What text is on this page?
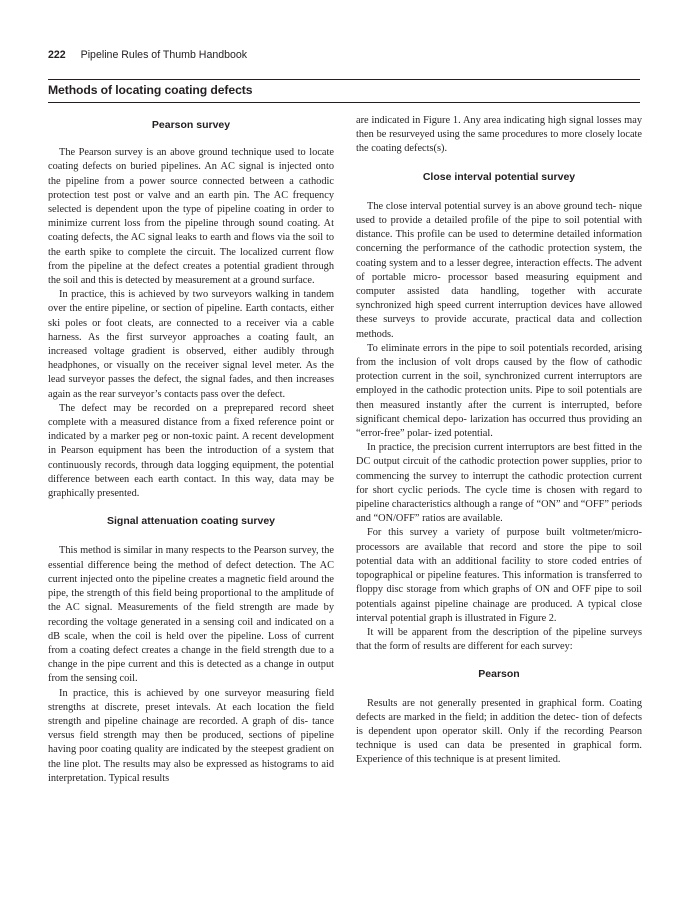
222 Pipeline Rules of Thumb Handbook
Methods of locating coating defects
Pearson survey

The Pearson survey is an above ground technique used to locate coating defects on buried pipelines. An AC signal is injected onto the pipeline from a power source connected between a cathodic protection test post or valve and an earth pin. The AC frequency selected is dependent upon the type of pipeline coating in order to minimize current loss from the pipeline through sound coating. At coating defects, the AC signal leaks to earth and flows via the soil to the earth spike to complete the circuit. The localized current flow from the pipeline at the defect creates a potential gradient through the soil and this is detected by measurement at a ground surface.

In practice, this is achieved by two surveyors walking in tandem over the entire pipeline, or section of pipeline. Earth contacts, either ski poles or foot cleats, are connected to a receiver via a cable harness. As the first surveyor approaches a coating fault, an increased voltage gradient is observed, either audibly through headphones, or visually on the receiver signal level meter. As the lead surveyor passes the defect, the signal fades, and then increases again as the rear surveyor’s contacts pass over the defect.

The defect may be recorded on a preprepared record sheet complete with a measured distance from a fixed reference point or indicated by a marker peg or non-toxic paint. A recent development in Pearson equipment has been the introduction of a system that continuously records, through data logging equipment, the potential difference between each earth contact. In this way, data may be graphically presented.

Signal attenuation coating survey

This method is similar in many respects to the Pearson survey, the essential difference being the method of defect detection. The AC current injected onto the pipeline creates a magnetic field around the pipe, the strength of this field being proportional to the amplitude of the AC signal. Measurements of the field strength are made by recording the voltage generated in a sensing coil and indicated on a dB scale, when the coil is held over the pipeline. Loss of current from a coating defect creates a change in the field strength due to a change in the pipe current and this is detected as a change in output from the sensing coil.

In practice, this is achieved by one surveyor measuring field strengths at discrete, preset intevals. At each location the field strength and pipeline chainage are recorded. A graph of dis- tance versus field strength may then be produced, sections of pipeline having poor coating quality are indicated by the steepest gradient on the line plot. The results may also be expressed as histograms to aid interpretation. Typical results

are indicated in Figure 1. Any area indicating high signal losses may then be resurveyed using the same procedures to more closely locate the coating defects(s).

Close interval potential survey

The close interval potential survey is an above ground tech- nique used to provide a detailed profile of the pipe to soil potential with distance. This profile can be used to determine detailed information concerning the performance of the cathodic protection system, the coating system and to a lesser degree, interaction effects. The advent of portable micro- processor based measuring equipment and computer assisted data handling, together with accurate synchronized high speed current interruption devices have allowed these surveys to provide accurate, practical data and collection methods.

To eliminate errors in the pipe to soil potentials recorded, arising from the inclusion of volt drops caused by the flow of cathodic protection current in the soil, synchronized current interruptors are employed in the cathodic protection units. Pipe to soil potentials are then measured instantly after the current is interrupted, before significant chemical depo- larization has occurred thus providing an “error-free” polar- ized potential.

In practice, the precision current interruptors are best fitted in the DC output circuit of the cathodic protection power supplies, prior to commencing the survey to interrupt the cathodic protection current for short cyclic periods. The cycle time is chosen with regard to pipeline characteristics although a range of “ON” and “OFF” periods and “ON/OFF” ratios are available.

For this survey a variety of purpose built voltmeter/micro- processors are available that record and store the pipe to soil potential data with an additional facility to store coded entries of topographical or pipeline features. This information is transferred to floppy disc storage from which graphs of ON and OFF pipe to soil potentials against pipeline chainage are produced. A typical close interval potential graph is illustrated in Figure 2.

It will be apparent from the description of the pipeline surveys that the form of results are different for each survey:

Pearson

Results are not generally presented in graphical form. Coating defects are marked in the field; in addition the detec- tion of defects is dependent upon operator skill. Only if the recording Pearson technique is used can data be presented in graphical form. Experience of this technique is at present limited.
